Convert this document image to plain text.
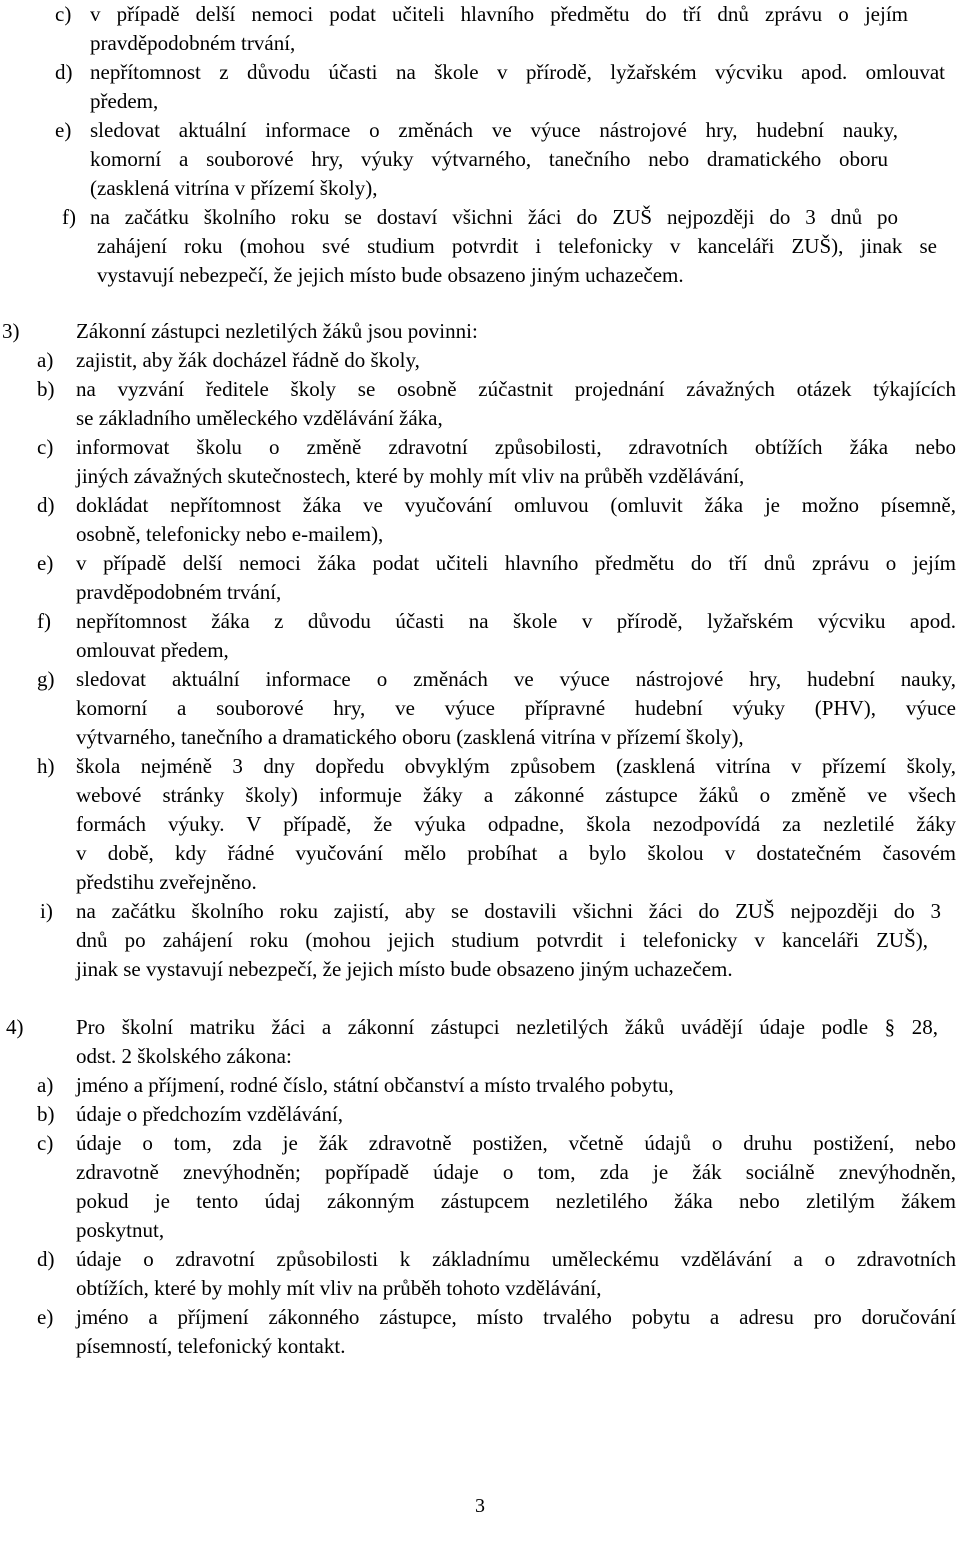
c) v případě delší nemoci podat učiteli hlavního předmětu do tří dnů zprávu o jejím
pravděpodobném trvání,
d) nepřítomnost z důvodu účasti na škole v přírodě, lyžařském výcviku apod. omlouvat
předem,
e) sledovat aktuální informace o změnách ve výuce nástrojové hry, hudební nauky,
komorní a souborové hry, výuky výtvarného, tanečního nebo dramatického oboru
(zasklená vitrína v přízemí školy),
f) na začátku školního roku se dostaví všichni žáci do ZUŠ nejpozději do 3 dnů po
zahájení roku (mohou své studium potvrdit i telefonicky v kanceláři ZUŠ), jinak se
vystavují nebezpečí, že jejich místo bude obsazeno jiným uchazečem.
3)	Zákonní zástupci nezletilých žáků jsou povinni:
a) zajistit, aby žák docházel řádně do školy,
b) na vyzvání ředitele školy se osobně zúčastnit projednání závažných otázek týkajících
se základního uměleckého vzdělávání žáka,
c) informovat školu o změně zdravotní způsobilosti, zdravotních obtížích žáka nebo
jiných závažných skutečnostech, které by mohly mít vliv na průběh vzdělávání,
d) dokládat nepřítomnost žáka ve vyučování omluvou (omluvit žáka je možno písemně,
osobně, telefonicky nebo e-mailem),
e) v případě delší nemoci žáka podat učiteli hlavního předmětu do tří dnů zprávu o jejím
pravděpodobném trvání,
f) nepřítomnost žáka z důvodu účasti na škole v přírodě, lyžařském výcviku apod.
omlouvat předem,
g) sledovat aktuální informace o změnách ve výuce nástrojové hry, hudební nauky,
komorní a souborové hry, ve výuce přípravné hudební výuky (PHV), výuce
výtvarného, tanečního a dramatického oboru (zasklená vitrína v přízemí školy),
h) škola nejméně 3 dny dopředu obvyklým způsobem (zasklená vitrína v přízemí školy,
webové stránky školy) informuje žáky a zákonné zástupce žáků o změně ve všech
formách výuky. V případě, že výuka odpadne, škola nezodpovídá za nezletilé žáky
v době, kdy řádné vyučování mělo probíhat a bylo školou v dostatečném časovém
předstihu zveřejněno.
i) na začátku školního roku zajistí, aby se dostavili všichni žáci do ZUŠ nejpozději do 3
dnů po zahájení roku (mohou jejich studium potvrdit i telefonicky v kanceláři ZUŠ),
jinak se vystavují nebezpečí, že jejich místo bude obsazeno jiným uchazečem.
4)	Pro školní matriku žáci a zákonní zástupci nezletilých žáků uvádějí údaje podle § 28,
odst. 2 školského zákona:
a) jméno a příjmení, rodné číslo, státní občanství a místo trvalého pobytu,
b) údaje o předchozím vzdělávání,
c) údaje o tom, zda je žák zdravotně postižen, včetně údajů o druhu postižení, nebo
zdravotně znevýhodněn; popřípadě údaje o tom, zda je žák sociálně znevýhodněn,
pokud je tento údaj zákonným zástupcem nezletilého žáka nebo zletilým žákem
poskytnut,
d) údaje o zdravotní způsobilosti k základnímu uměleckému vzdělávání a o zdravotních
obtížích, které by mohly mít vliv na průběh tohoto vzdělávání,
e) jméno a příjmení zákonného zástupce, místo trvalého pobytu a adresu pro doručování
písemností, telefonický kontakt.
3
